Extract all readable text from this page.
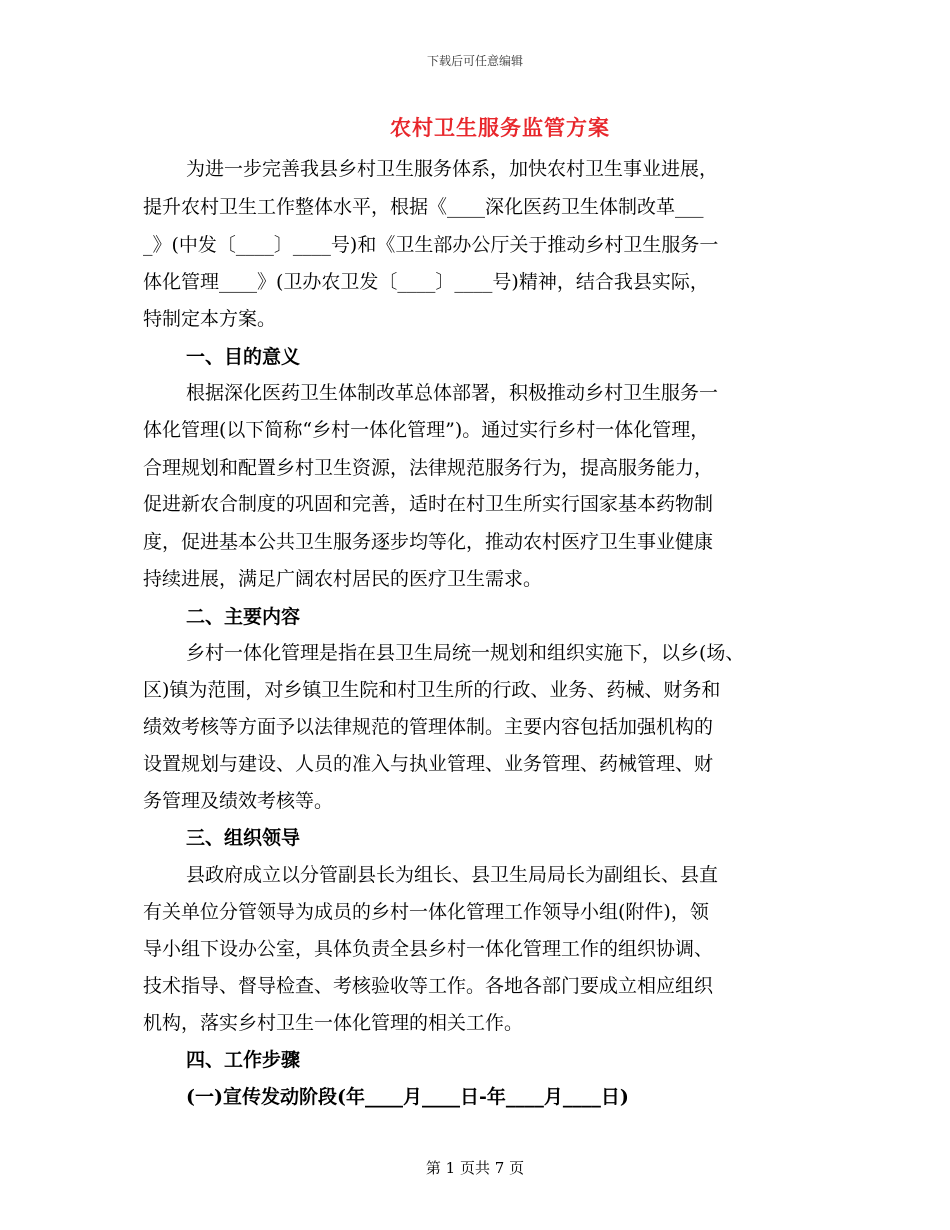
下载后可任意编辑
农村卫生服务监管方案
为进一步完善我县乡村卫生服务体系，加快农村卫生事业进展，
提升农村卫生工作整体水平，根据《____深化医药卫生体制改革___
_》(中发〔____〕____号)和《卫生部办公厅关于推动乡村卫生服务一
体化管理____》(卫办农卫发〔____〕____号)精神，结合我县实际，
特制定本方案。
一、目的意义
根据深化医药卫生体制改革总体部署，积极推动乡村卫生服务一
体化管理(以下简称“乡村一体化管理”)。通过实行乡村一体化管理，
合理规划和配置乡村卫生资源，法律规范服务行为，提高服务能力，
促进新农合制度的巩固和完善，适时在村卫生所实行国家基本药物制
度，促进基本公共卫生服务逐步均等化，推动农村医疗卫生事业健康
持续进展，满足广阔农村居民的医疗卫生需求。
二、主要内容
乡村一体化管理是指在县卫生局统一规划和组织实施下，以乡(场、
区)镇为范围，对乡镇卫生院和村卫生所的行政、业务、药械、财务和
绩效考核等方面予以法律规范的管理体制。主要内容包括加强机构的
设置规划与建设、人员的准入与执业管理、业务管理、药械管理、财
务管理及绩效考核等。
三、组织领导
县政府成立以分管副县长为组长、县卫生局局长为副组长、县直
有关单位分管领导为成员的乡村一体化管理工作领导小组(附件)，领
导小组下设办公室，具体负责全县乡村一体化管理工作的组织协调、
技术指导、督导检查、考核验收等工作。各地各部门要成立相应组织
机构，落实乡村卫生一体化管理的相关工作。
四、工作步骤
(一)宣传发动阶段(年____月____日-年____月____日)
第 1 页共 7 页
